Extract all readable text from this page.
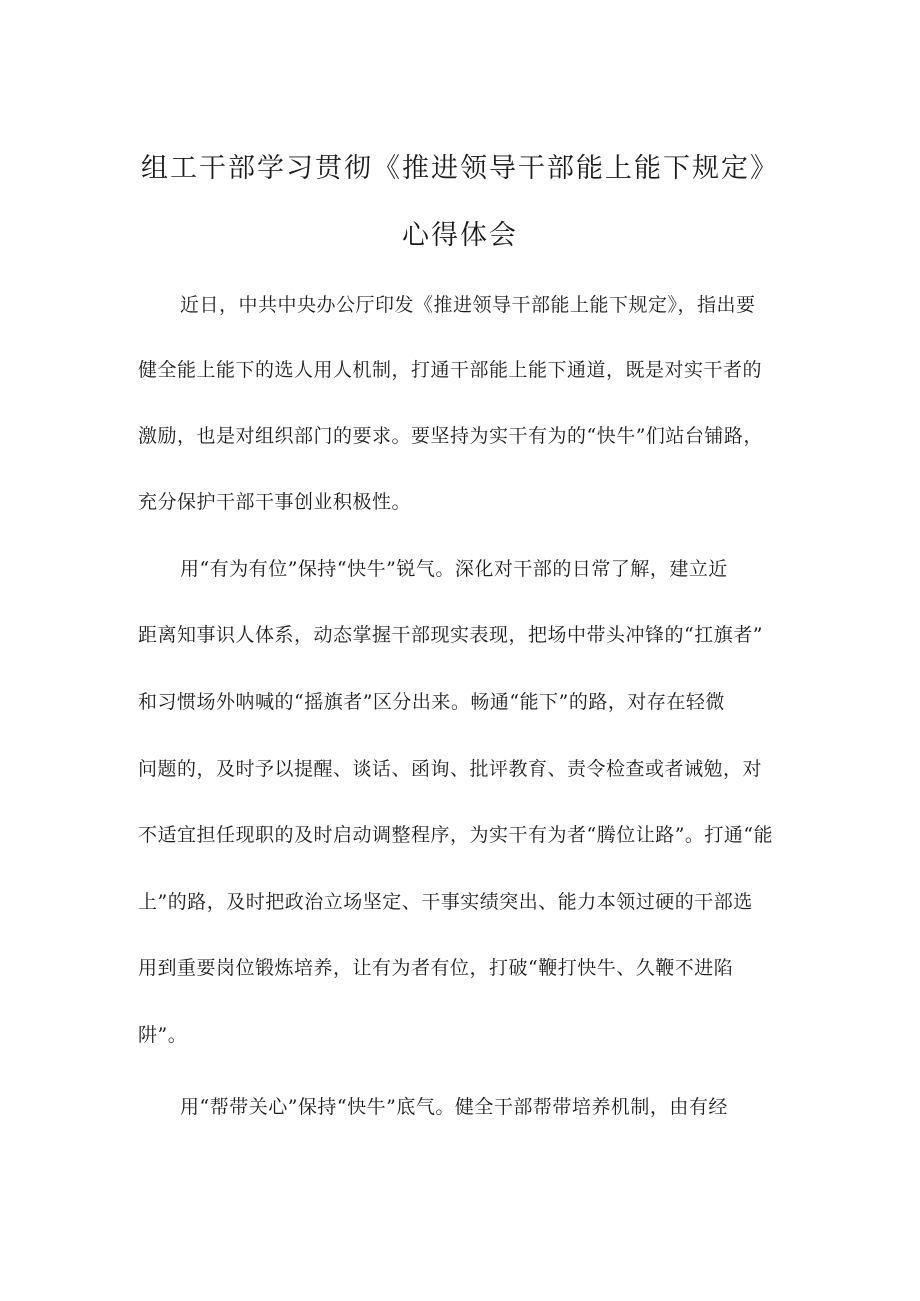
组工干部学习贯彻《推进领导干部能上能下规定》
心得体会

近日，中共中央办公厅印发《推进领导干部能上能下规定》，指出要

健全能上能下的选人用人机制，打通干部能上能下通道，既是对实干者的

激励，也是对组织部门的要求。要坚持为实干有为的“快牛”们站台铺路，

充分保护干部干事创业积极性。

用“有为有位”保持“快牛”锐气。深化对干部的日常了解，建立近

距离知事识人体系，动态掌握干部现实表现，把场中带头冲锋的“扛旗者”

和习惯场外呐喊的“摇旗者”区分出来。畅通“能下”的路，对存在轻微

问题的，及时予以提醒、谈话、函询、批评教育、责令检查或者诫勉，对

不适宜担任现职的及时启动调整程序，为实干有为者“腾位让路”。打通“能

上”的路，及时把政治立场坚定、干事实绩突出、能力本领过硬的干部选

用到重要岗位锻炼培养，让有为者有位，打破“鞭打快牛、久鞭不进陷

阱”。

用“帮带关心”保持“快牛”底气。健全干部帮带培养机制，由有经
